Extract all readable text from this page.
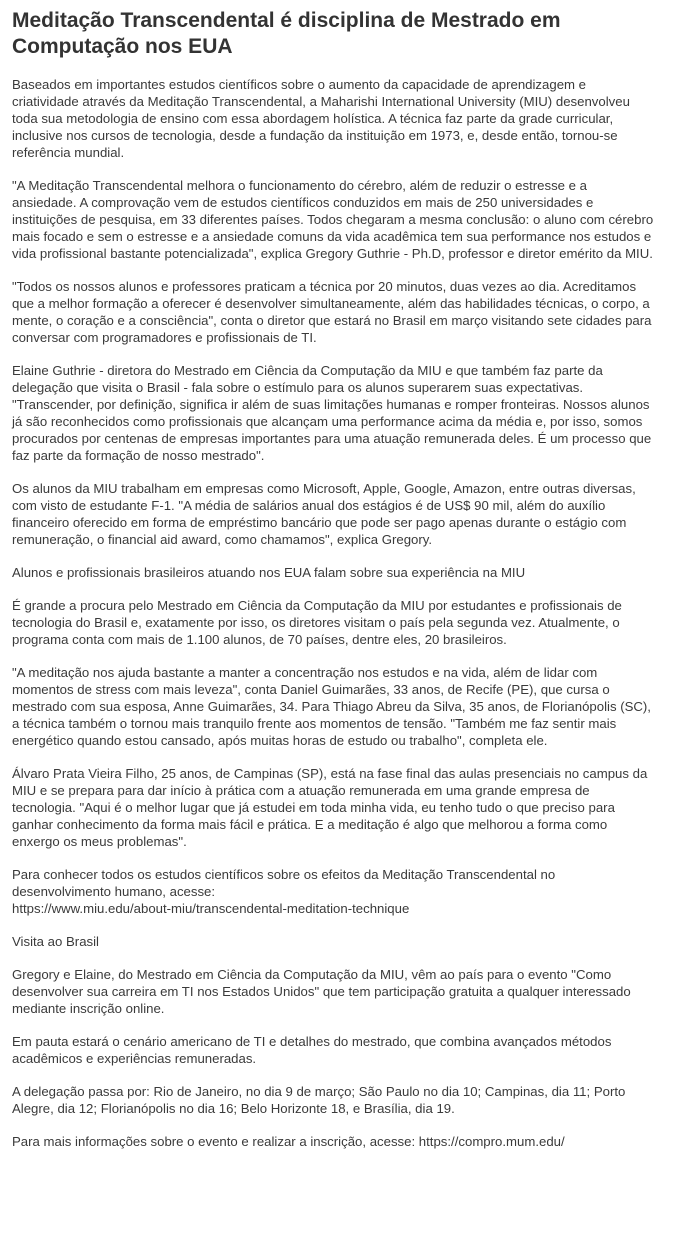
Meditação Transcendental é disciplina de Mestrado em Computação nos EUA

Baseados em importantes estudos científicos sobre o aumento da capacidade de aprendizagem e criatividade através da Meditação Transcendental, a Maharishi International University (MIU) desenvolveu toda sua metodologia de ensino com essa abordagem holística. A técnica faz parte da grade curricular, inclusive nos cursos de tecnologia, desde a fundação da instituição em 1973, e, desde então, tornou-se referência mundial.

"A Meditação Transcendental melhora o funcionamento do cérebro, além de reduzir o estresse e a ansiedade. A comprovação vem de estudos científicos conduzidos em mais de 250 universidades e instituições de pesquisa, em 33 diferentes países. Todos chegaram a mesma conclusão: o aluno com cérebro mais focado e sem o estresse e a ansiedade comuns da vida acadêmica tem sua performance nos estudos e vida profissional bastante potencializada", explica Gregory Guthrie - Ph.D, professor e diretor emérito da MIU.

"Todos os nossos alunos e professores praticam a técnica por 20 minutos, duas vezes ao dia. Acreditamos que a melhor formação a oferecer é desenvolver simultaneamente, além das habilidades técnicas, o corpo, a mente, o coração e a consciência", conta o diretor que estará no Brasil em março visitando sete cidades para conversar com programadores e profissionais de TI.

Elaine Guthrie - diretora do Mestrado em Ciência da Computação da MIU e que também faz parte da delegação que visita o Brasil - fala sobre o estímulo para os alunos superarem suas expectativas. "Transcender, por definição, significa ir além de suas limitações humanas e romper fronteiras. Nossos alunos já são reconhecidos como profissionais que alcançam uma performance acima da média e, por isso, somos procurados por centenas de empresas importantes para uma atuação remunerada deles. É um processo que faz parte da formação de nosso mestrado".

Os alunos da MIU trabalham em empresas como Microsoft, Apple, Google, Amazon, entre outras diversas, com visto de estudante F-1. "A média de salários anual dos estágios é de US$ 90 mil, além do auxílio financeiro oferecido em forma de empréstimo bancário que pode ser pago apenas durante o estágio com remuneração, o financial aid award, como chamamos", explica Gregory.

Alunos e profissionais brasileiros atuando nos EUA falam sobre sua experiência na MIU

É grande a procura pelo Mestrado em Ciência da Computação da MIU por estudantes e profissionais de tecnologia do Brasil e, exatamente por isso, os diretores visitam o país pela segunda vez. Atualmente, o programa conta com mais de 1.100 alunos, de 70 países, dentre eles, 20 brasileiros.

"A meditação nos ajuda bastante a manter a concentração nos estudos e na vida, além de lidar com momentos de stress com mais leveza", conta Daniel Guimarães, 33 anos, de Recife (PE), que cursa o mestrado com sua esposa, Anne Guimarães, 34. Para Thiago Abreu da Silva, 35 anos, de Florianópolis (SC), a técnica também o tornou mais tranquilo frente aos momentos de tensão. "Também me faz sentir mais energético quando estou cansado, após muitas horas de estudo ou trabalho", completa ele.

Álvaro Prata Vieira Filho, 25 anos, de Campinas (SP), está na fase final das aulas presenciais no campus da MIU e se prepara para dar início à prática com a atuação remunerada em uma grande empresa de tecnologia. "Aqui é o melhor lugar que já estudei em toda minha vida, eu tenho tudo o que preciso para ganhar conhecimento da forma mais fácil e prática. E a meditação é algo que melhorou a forma como enxergo os meus problemas".

Para conhecer todos os estudos científicos sobre os efeitos da Meditação Transcendental no desenvolvimento humano, acesse:
https://www.miu.edu/about-miu/transcendental-meditation-technique

Visita ao Brasil

Gregory e Elaine, do Mestrado em Ciência da Computação da MIU, vêm ao país para o evento "Como desenvolver sua carreira em TI nos Estados Unidos" que tem participação gratuita a qualquer interessado mediante inscrição online.

Em pauta estará o cenário americano de TI e detalhes do mestrado, que combina avançados métodos acadêmicos e experiências remuneradas.

A delegação passa por: Rio de Janeiro, no dia 9 de março; São Paulo no dia 10; Campinas, dia 11; Porto Alegre, dia 12; Florianópolis no dia 16; Belo Horizonte 18, e Brasília, dia 19.

Para mais informações sobre o evento e realizar a inscrição, acesse: https://compro.mum.edu/
